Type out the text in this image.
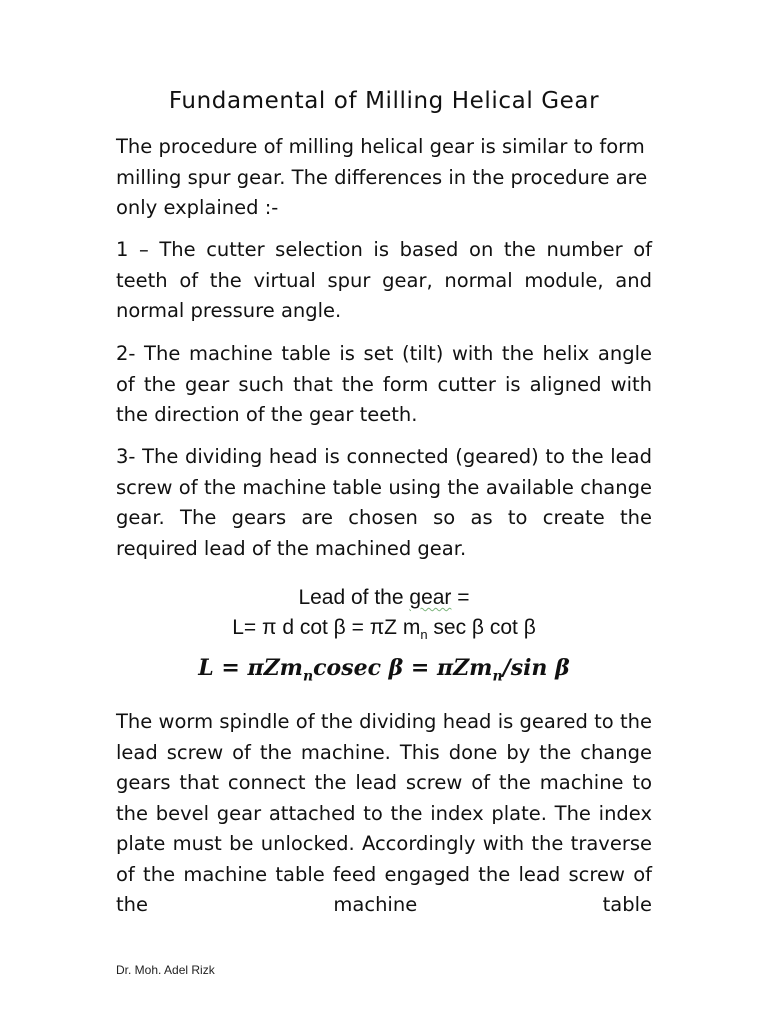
Fundamental of Milling Helical Gear

The procedure of milling helical gear is similar to form milling spur gear. The differences in the procedure are only explained :-

1 – The cutter selection is based on the number of teeth of the virtual spur gear, normal module, and normal pressure angle.

2- The machine table is set (tilt) with the helix angle of the gear such that the form cutter is aligned with the direction of the gear teeth.

3- The dividing head is connected (geared) to the lead screw of the machine table using the available change gear. The gears are chosen so as to create the required lead of the machined gear.

Lead of the gear =
L= π d cot β = πZ $m_n$ sec β cot β
L = πZm$_n$cosec β = πZm$_n$/sin β

The worm spindle of the dividing head is geared to the lead screw of the machine. This done by the change gears that connect the lead screw of the machine to the bevel gear attached to the index plate. The index plate must be unlocked. Accordingly with the traverse of the machine table feed engaged the lead screw of the machine table

Dr. Moh. Adel Rizk
